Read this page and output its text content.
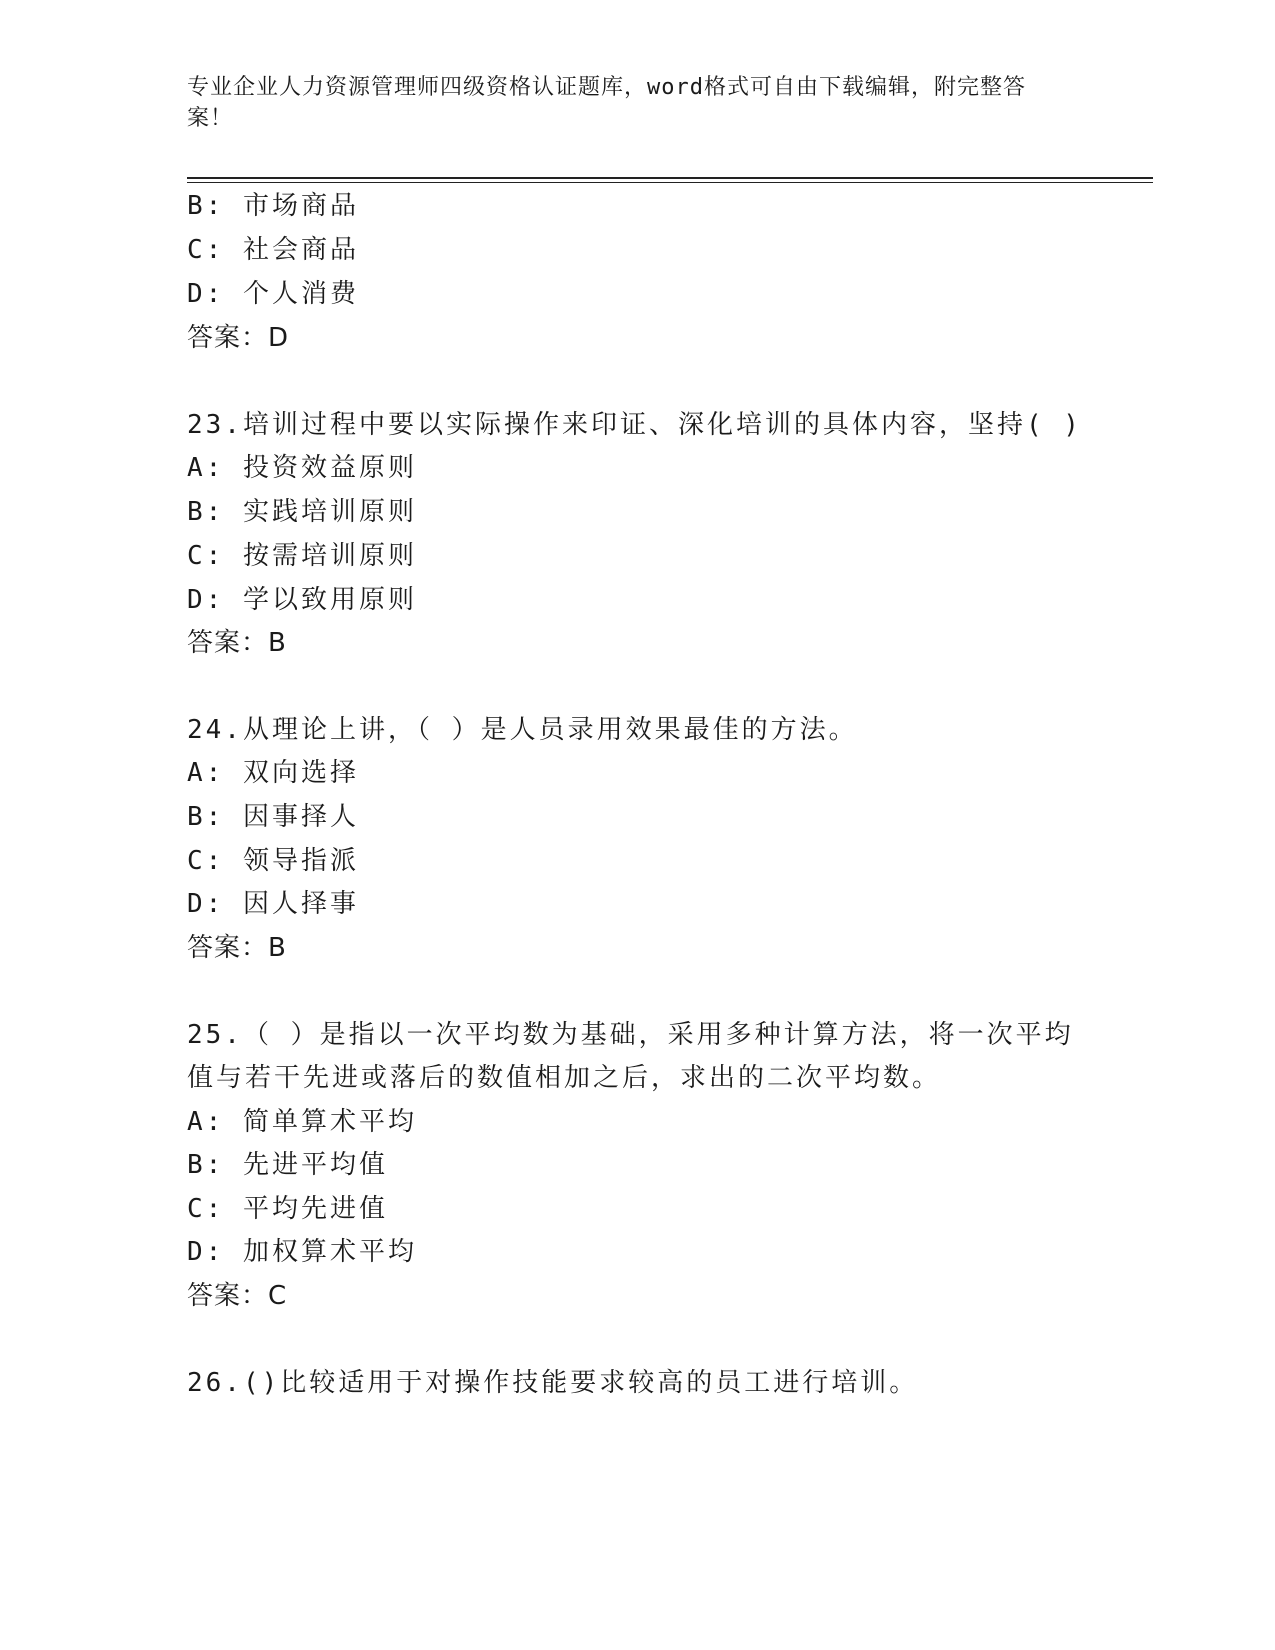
专业企业人力资源管理师四级资格认证题库，word格式可自由下载编辑，附完整答案！
B: 市场商品
C: 社会商品
D: 个人消费
答案：D
23.培训过程中要以实际操作来印证、深化培训的具体内容，坚持( )
A: 投资效益原则
B: 实践培训原则
C: 按需培训原则
D: 学以致用原则
答案：B
24.从理论上讲，（ ）是人员录用效果最佳的方法。
A: 双向选择
B: 因事择人
C: 领导指派
D: 因人择事
答案：B
25.（ ）是指以一次平均数为基础，采用多种计算方法，将一次平均
值与若干先进或落后的数值相加之后，求出的二次平均数。
A: 简单算术平均
B: 先进平均值
C: 平均先进值
D: 加权算术平均
答案：C
26.()比较适用于对操作技能要求较高的员工进行培训。
